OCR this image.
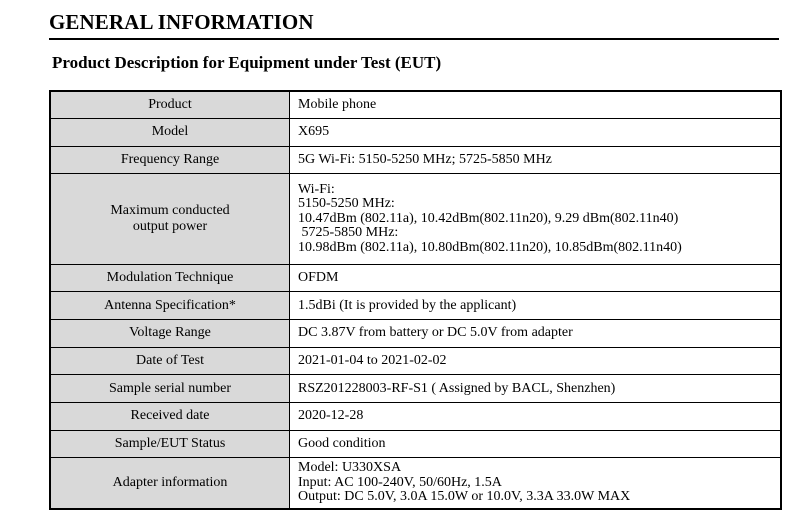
GENERAL INFORMATION
Product Description for Equipment under Test (EUT)
Product	Mobile phone

Model	X695

Frequency Range	5G Wi-Fi: 5150-5250 MHz; 5725-5850 MHz

Maximum conducted
output power	Wi-Fi:
5150-5250 MHz:
10.47dBm (802.11a), 10.42dBm(802.11n20), 9.29 dBm(802.11n40)
5725-5850 MHz:
10.98dBm (802.11a), 10.80dBm(802.11n20), 10.85dBm(802.11n40)

Modulation Technique	OFDM

Antenna Specification*	1.5dBi (It is provided by the applicant)

Voltage Range	DC 3.87V from battery or DC 5.0V from adapter

Date of Test	2021-01-04 to 2021-02-02

Sample serial number	RSZ201228003-RF-S1 ( Assigned by BACL, Shenzhen)

Received date	2020-12-28

Sample/EUT Status	Good condition

Adapter information	Model: U330XSA
Input: AC 100-240V, 50/60Hz, 1.5A
Output: DC 5.0V, 3.0A 15.0W or 10.0V, 3.3A 33.0W MAX
